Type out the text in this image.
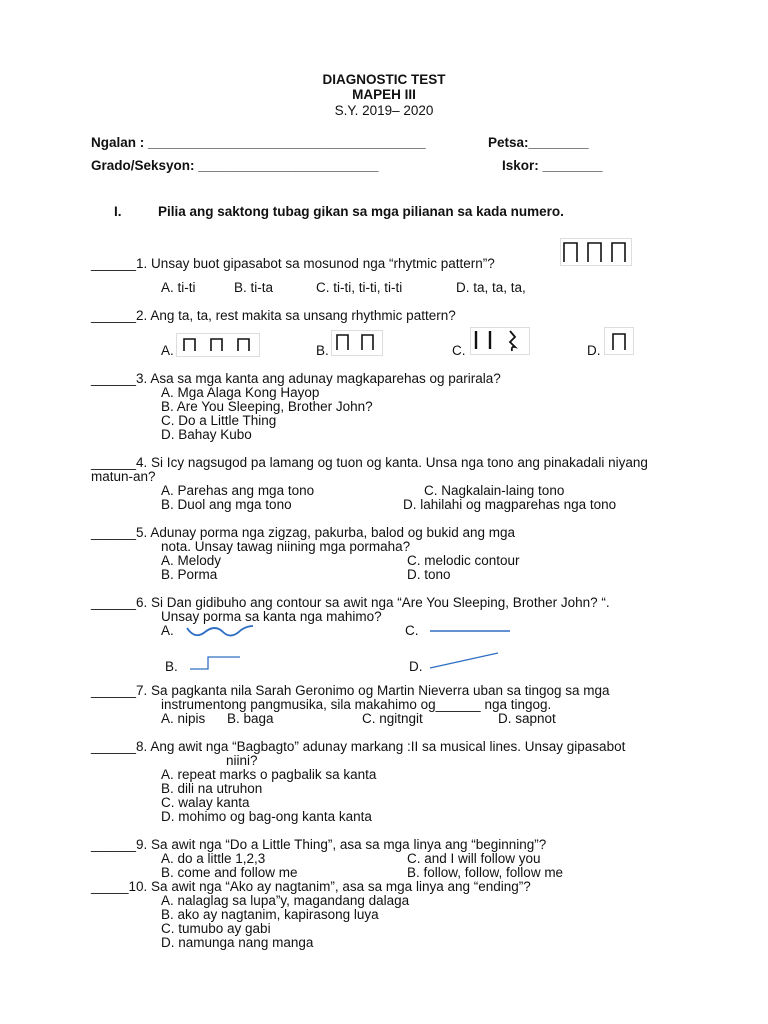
DIAGNOSTIC TEST
MAPEH III
S.Y. 2019– 2020
Ngalan : _____________________________________	Petsa:________
Grado/Seksyon: ________________________	Iskor: ________
I.	Pilia ang saktong tubag gikan sa mga pilianan sa kada numero.
______1. Unsay buot gipasabot sa mosunod nga “rhytmic pattern”?
A. ti-ti	B. ti-ta	C. ti-ti, ti-ti, ti-ti	D. ta, ta, ta,
______2. Ang ta, ta, rest makita sa unsang rhythmic pattern?
A.	B.	C.	D.
______3. Asa sa mga kanta ang adunay magkaparehas og parirala?
A. Mga Alaga Kong Hayop
B. Are You Sleeping, Brother John?
C. Do a Little Thing
D. Bahay Kubo
______4. Si Icy nagsugod pa lamang og tuon og kanta. Unsa nga tono ang pinakadali niyang
matun-an?
A. Parehas ang mga tono	C. Nagkalain-laing tono
B. Duol ang mga tono	D. lahilahi og magparehas nga tono
______5. Adunay porma nga zigzag, pakurba, balod og bukid ang mga
nota. Unsay tawag niining mga pormaha?
A. Melody	C. melodic contour
B. Porma	D. tono
______6. Si Dan gidibuho ang contour sa awit nga “Are You Sleeping, Brother John? “.
Unsay porma sa kanta nga mahimo?
A.	C.
B.	D.
______7. Sa pagkanta nila Sarah Geronimo og Martin Nieverra uban sa tingog sa mga
instrumentong pangmusika, sila makahimo og______ nga tingog.
A. nipis B. baga	C. ngitngit	D. sapnot
______8. Ang awit nga “Bagbagto” adunay markang :II sa musical lines. Unsay gipasabot
niini?
A. repeat marks o pagbalik sa kanta
B. dili na utruhon
C. walay kanta
D. mohimo og bag-ong kanta kanta
______9. Sa awit nga “Do a Little Thing”, asa sa mga linya ang “beginning”?
A. do a little 1,2,3	C. and I will follow you
B. come and follow me	B. follow, follow, follow me
_____10. Sa awit nga “Ako ay nagtanim”, asa sa mga linya ang “ending”?
A. nalaglag sa lupa”y, magandang dalaga
B. ako ay nagtanim, kapirasong luya
C. tumubo ay gabi
D. namunga nang manga
